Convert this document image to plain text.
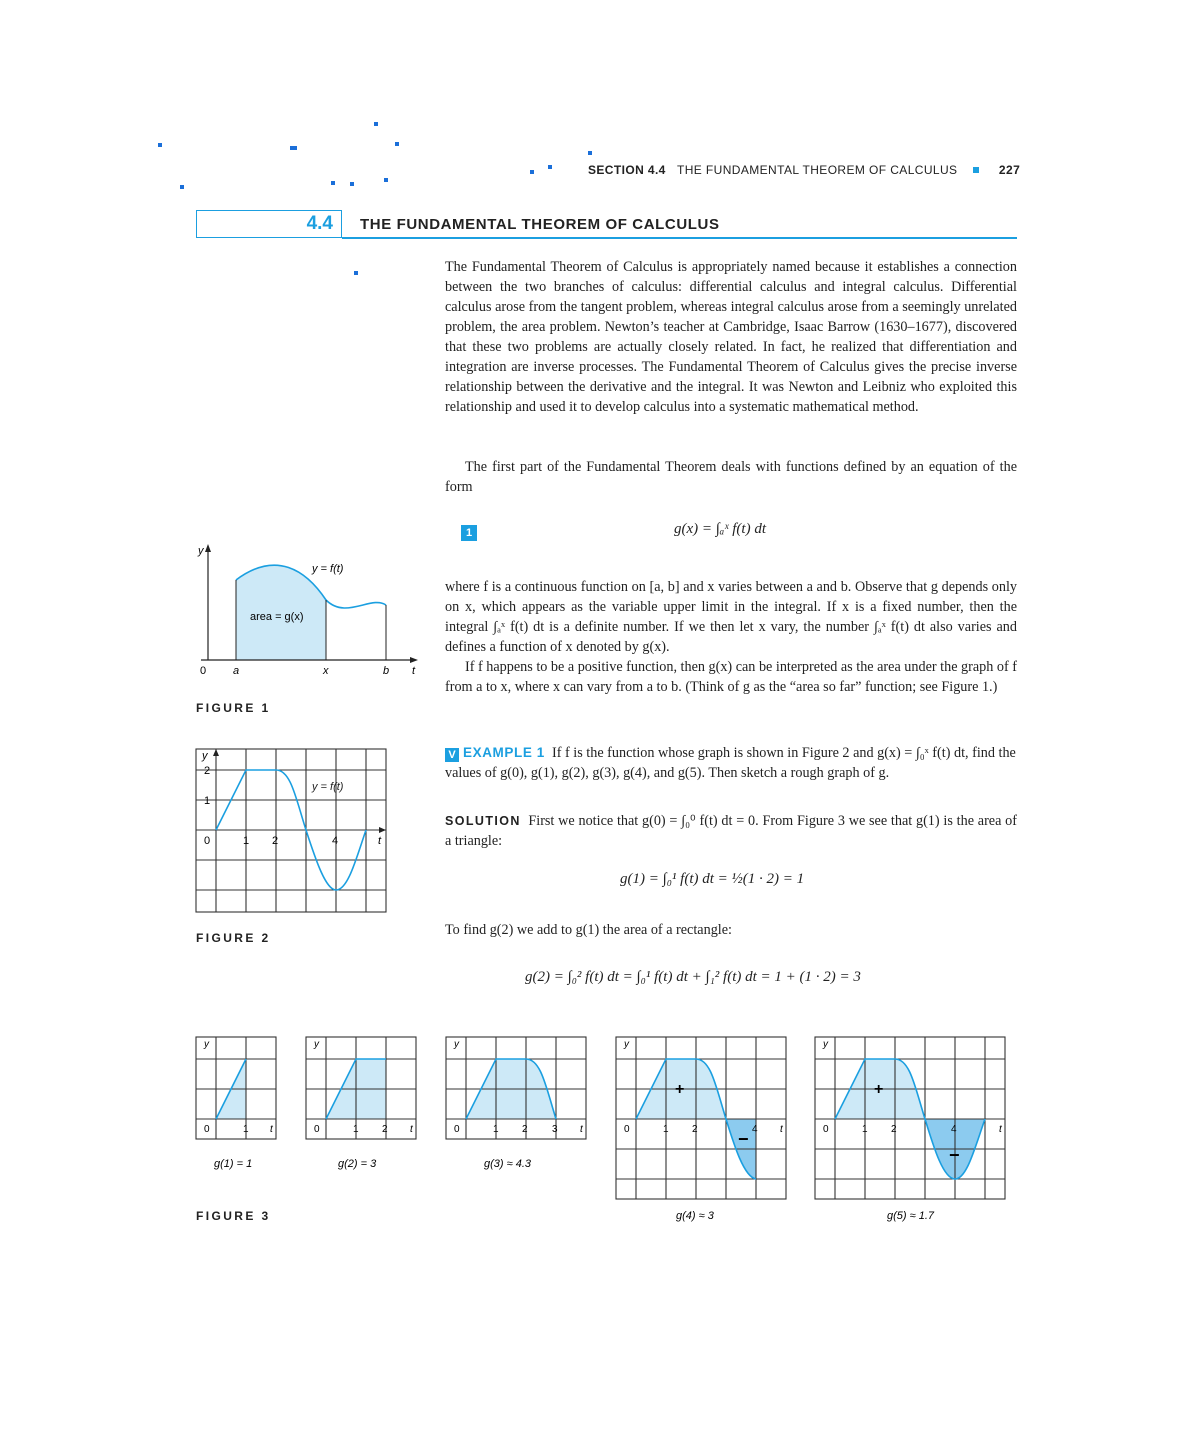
SECTION 4.4 THE FUNDAMENTAL THEOREM OF CALCULUS	227
4.4 THE FUNDAMENTAL THEOREM OF CALCULUS
The Fundamental Theorem of Calculus is appropriately named because it establishes a connection between the two branches of calculus: differential calculus and integral calculus. Differential calculus arose from the tangent problem, whereas integral calculus arose from a seemingly unrelated problem, the area problem. Newton’s teacher at Cambridge, Isaac Barrow (1630–1677), discovered that these two problems are actually closely related. In fact, he realized that differentiation and integration are inverse processes. The Fundamental Theorem of Calculus gives the precise inverse relationship between the derivative and the integral. It was Newton and Leibniz who exploited this relationship and used it to develop calculus into a systematic mathematical method.
The first part of the Fundamental Theorem deals with functions defined by an equation of the form
1	g(x) = ∫ₐˣ f(t) dt
where f is a continuous function on [a, b] and x varies between a and b. Observe that g depends only on x, which appears as the variable upper limit in the integral. If x is a fixed number, then the integral ∫ₐˣ f(t) dt is a definite number. If we then let x vary, the number ∫ₐˣ f(t) dt also varies and defines a function of x denoted by g(x).
If f happens to be a positive function, then g(x) can be interpreted as the area under the graph of f from a to x, where x can vary from a to b. (Think of g as the “area so far” function; see Figure 1.)
V EXAMPLE 1 If f is the function whose graph is shown in Figure 2 and g(x) = ∫₀ˣ f(t) dt, find the values of g(0), g(1), g(2), g(3), g(4), and g(5). Then sketch a rough graph of g.
SOLUTION First we notice that g(0) = ∫₀⁰ f(t) dt = 0. From Figure 3 we see that g(1) is the area of a triangle:
g(1) = ∫₀¹ f(t) dt = ½(1 · 2) = 1
To find g(2) we add to g(1) the area of a rectangle:
g(2) = ∫₀² f(t) dt = ∫₀¹ f(t) dt + ∫₁² f(t) dt = 1 + (1 · 2) = 3
y
y = f(t)
area = g(x)
0 a	x	b t
FIGURE 1
y
2
1
y = f(t)
0	1 2	4	t
FIGURE 2
y
0	1 t
g(1) = 1
y
0	1 2 t
g(2) = 3
y
0	1 2 3 t
g(3) ≈ 4.3
+
−
y
0	1 2	4 t
g(4) ≈ 3
+
−
y
0	1 2	4	t
g(5) ≈ 1.7
FIGURE 3
